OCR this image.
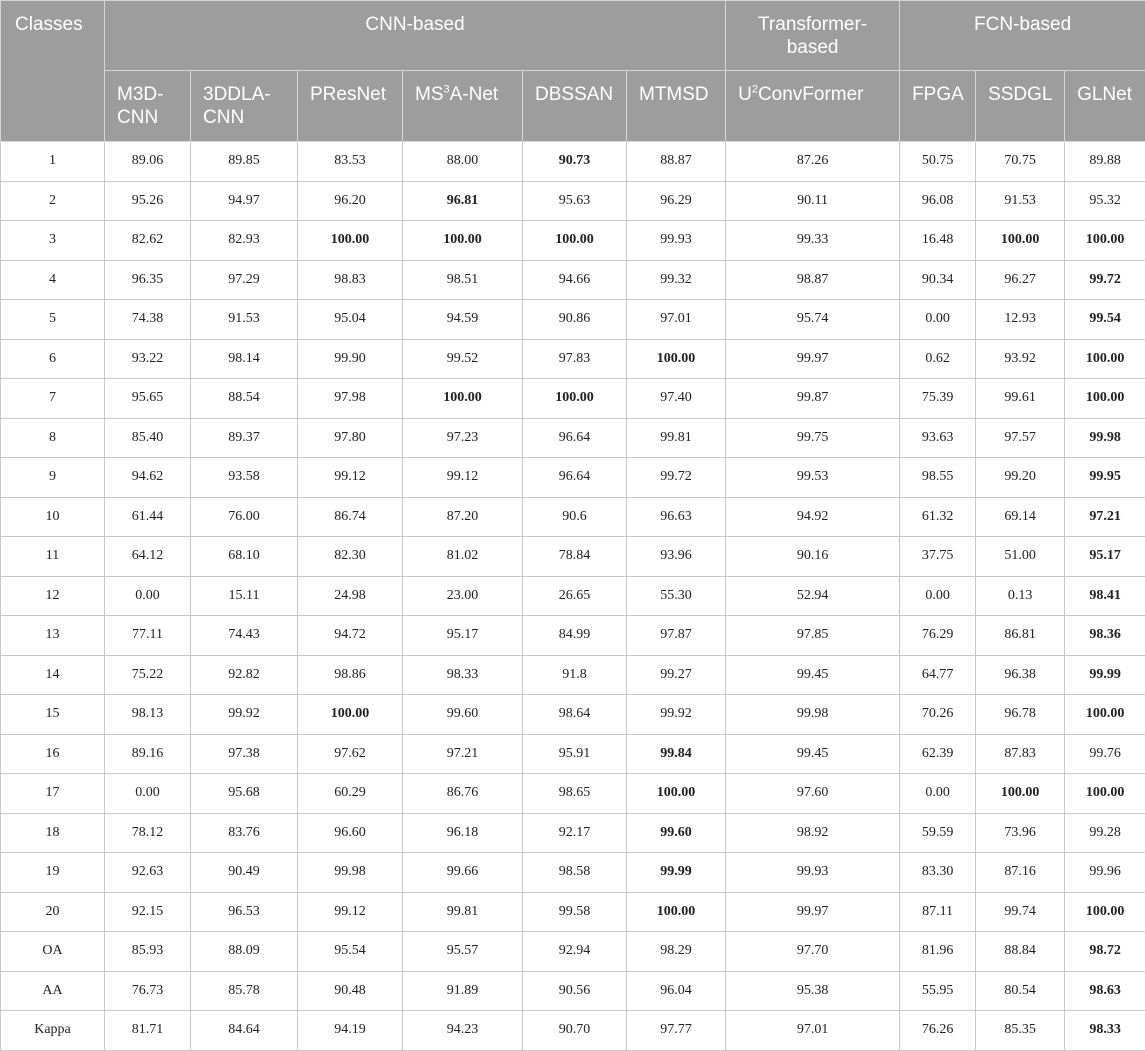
Classes	CNN-based						Transformer-based	FCN-based		
	M3D-CNN	3DDLA-CNN	PResNet	$MS^3A$-Net	DBSSAN	MTMSD	$U^2ConvFormer$	FPGA	SSDGL	GLNet
1	89.06	89.85	83.53	88.00	90.73	88.87	87.26	50.75	70.75	89.88
2	95.26	94.97	96.20	96.81	95.63	96.29	90.11	96.08	91.53	95.32
3	82.62	82.93	100.00	100.00	100.00	99.93	99.33	16.48	100.00	100.00
4	96.35	97.29	98.83	98.51	94.66	99.32	98.87	90.34	96.27	99.72
5	74.38	91.53	95.04	94.59	90.86	97.01	95.74	0.00	12.93	99.54
6	93.22	98.14	99.90	99.52	97.83	100.00	99.97	0.62	93.92	100.00
7	95.65	88.54	97.98	100.00	100.00	97.40	99.87	75.39	99.61	100.00
8	85.40	89.37	97.80	97.23	96.64	99.81	99.75	93.63	97.57	99.98
9	94.62	93.58	99.12	99.12	96.64	99.72	99.53	98.55	99.20	99.95
10	61.44	76.00	86.74	87.20	90.6	96.63	94.92	61.32	69.14	97.21
11	64.12	68.10	82.30	81.02	78.84	93.96	90.16	37.75	51.00	95.17
12	0.00	15.11	24.98	23.00	26.65	55.30	52.94	0.00	0.13	98.41
13	77.11	74.43	94.72	95.17	84.99	97.87	97.85	76.29	86.81	98.36
14	75.22	92.82	98.86	98.33	91.8	99.27	99.45	64.77	96.38	99.99
15	98.13	99.92	100.00	99.60	98.64	99.92	99.98	70.26	96.78	100.00
16	89.16	97.38	97.62	97.21	95.91	99.84	99.45	62.39	87.83	99.76
17	0.00	95.68	60.29	86.76	98.65	100.00	97.60	0.00	100.00	100.00
18	78.12	83.76	96.60	96.18	92.17	99.60	98.92	59.59	73.96	99.28
19	92.63	90.49	99.98	99.66	98.58	99.99	99.93	83.30	87.16	99.96
20	92.15	96.53	99.12	99.81	99.58	100.00	99.97	87.11	99.74	100.00
OA	85.93	88.09	95.54	95.57	92.94	98.29	97.70	81.96	88.84	98.72
AA	76.73	85.78	90.48	91.89	90.56	96.04	95.38	55.95	80.54	98.63
Kappa	81.71	84.64	94.19	94.23	90.70	97.77	97.01	76.26	85.35	98.33
